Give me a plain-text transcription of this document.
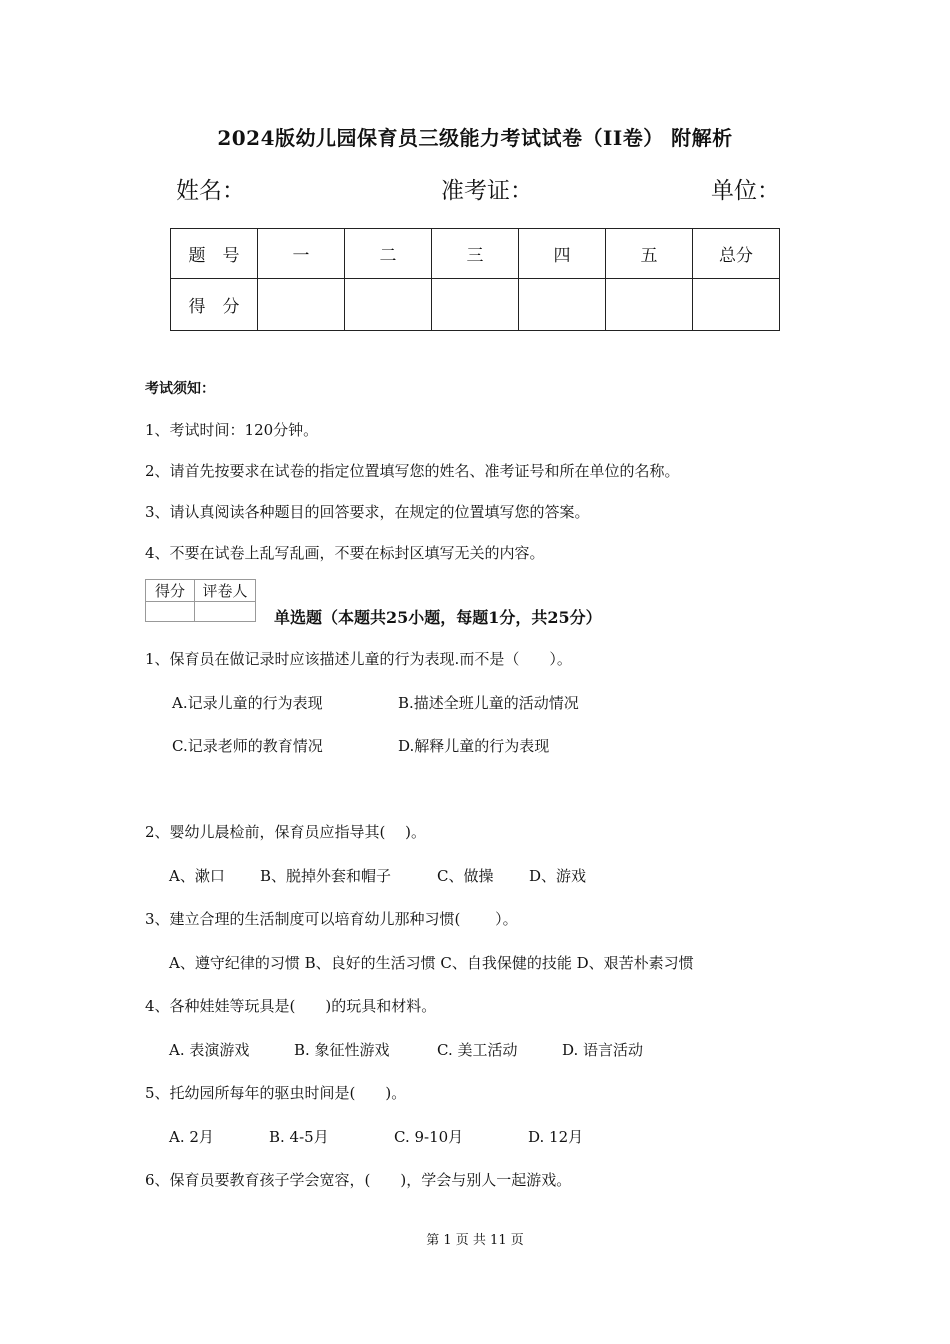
2024版幼儿园保育员三级能力考试试卷（II卷） 附解析
姓名：	准考证：	单位：
题　号	一	二	三	四	五	总分
得　分						
考试须知：
1、考试时间：120分钟。
2、请首先按要求在试卷的指定位置填写您的姓名、准考证号和所在单位的名称。
3、请认真阅读各种题目的回答要求，在规定的位置填写您的答案。
4、不要在试卷上乱写乱画，不要在标封区填写无关的内容。
得分	评卷人

单选题（本题共25小题，每题1分，共25分）
1、保育员在做记录时应该描述儿童的行为表现.而不是（　　）。
A.记录儿童的行为表现	B.描述全班儿童的活动情况
C.记录老师的教育情况	D.解释儿童的行为表现
2、婴幼儿晨检前，保育员应指导其(　 )。
A、漱口 B、脱掉外套和帽子	C、做操 D、游戏
3、建立合理的生活制度可以培育幼儿那种习惯(　　 ）。
A、遵守纪律的习惯 B、良好的生活习惯 C、自我保健的技能 D、艰苦朴素习惯
4、各种娃娃等玩具是(　　)的玩具和材料。
A. 表演游戏	B. 象征性游戏	C. 美工活动	D. 语言活动
5、托幼园所每年的驱虫时间是(　　)。
A. 2月	B. 4-5月	C. 9-10月	D. 12月
6、保育员要教育孩子学会宽容，(　　)，学会与别人一起游戏。
第 1 页 共 11 页
